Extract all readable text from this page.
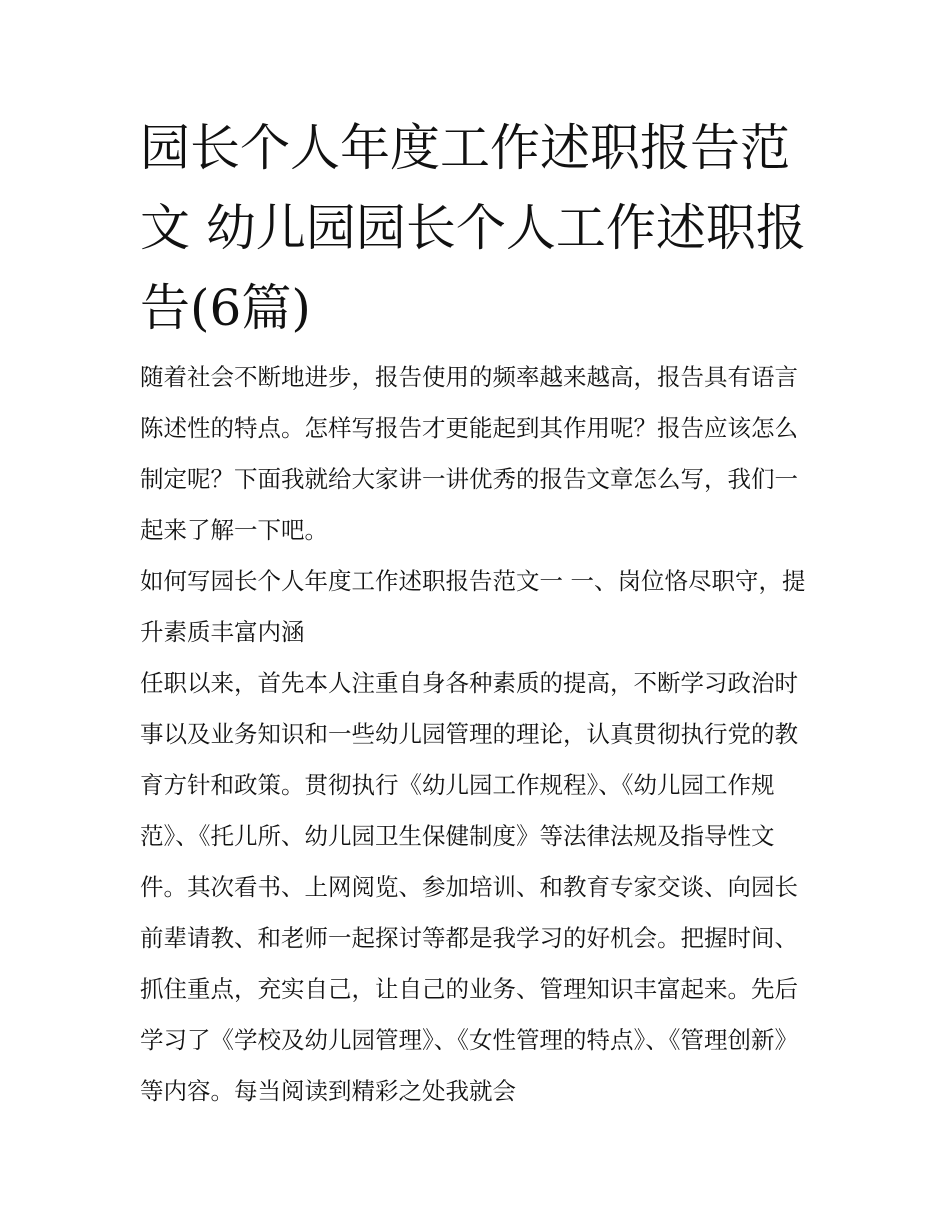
园长个人年度工作述职报告范文 幼儿园园长个人工作述职报告(6篇)

随着社会不断地进步，报告使用的频率越来越高，报告具有语言陈述性的特点。怎样写报告才更能起到其作用呢？报告应该怎么制定呢？下面我就给大家讲一讲优秀的报告文章怎么写，我们一起来了解一下吧。

如何写园长个人年度工作述职报告范文一 一、岗位恪尽职守，提升素质丰富内涵

任职以来，首先本人注重自身各种素质的提高，不断学习政治时事以及业务知识和一些幼儿园管理的理论，认真贯彻执行党的教育方针和政策。贯彻执行《幼儿园工作规程》、《幼儿园工作规范》、《托儿所、幼儿园卫生保健制度》等法律法规及指导性文件。其次看书、上网阅览、参加培训、和教育专家交谈、向园长前辈请教、和老师一起探讨等都是我学习的好机会。把握时间、抓住重点，充实自己，让自己的业务、管理知识丰富起来。先后学习了《学校及幼儿园管理》、《女性管理的特点》、《管理创新》等内容。每当阅读到精彩之处我就会
